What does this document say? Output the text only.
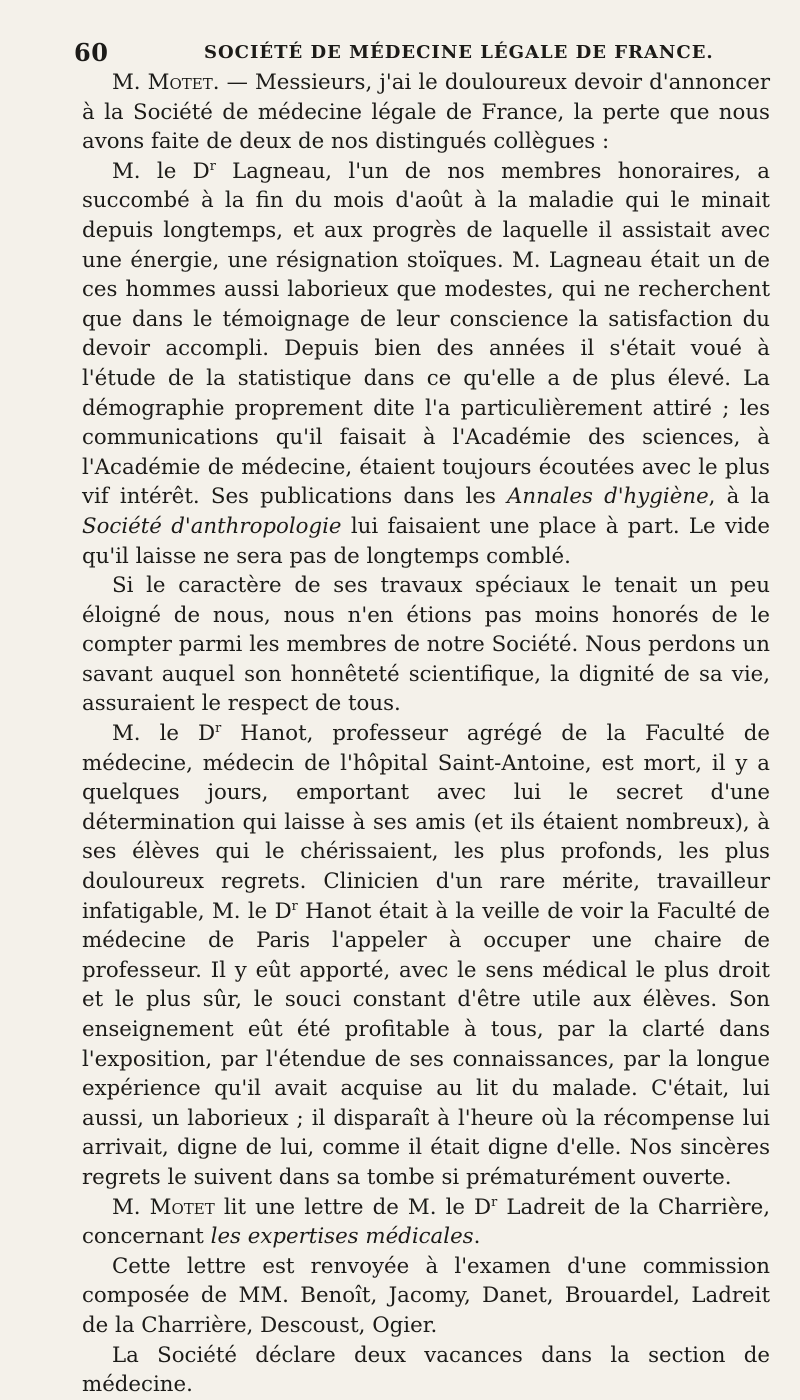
60	SOCIÉTÉ DE MÉDECINE LÉGALE DE FRANCE.

M. Motet. — Messieurs, j'ai le douloureux devoir d'annoncer à la Société de médecine légale de France, la perte que nous avons faite de deux de nos distingués collègues :

M. le $D^r$ Lagneau, l'un de nos membres honoraires, a succombé à la fin du mois d'août à la maladie qui le minait depuis longtemps, et aux progrès de laquelle il assistait avec une énergie, une résignation stoïques. M. Lagneau était un de ces hommes aussi laborieux que modestes, qui ne recherchent que dans le témoignage de leur conscience la satisfaction du devoir accompli. Depuis bien des années il s'était voué à l'étude de la statistique dans ce qu'elle a de plus élevé. La démographie proprement dite l'a particulièrement attiré ; les communications qu'il faisait à l'Académie des sciences, à l'Académie de médecine, étaient toujours écoutées avec le plus vif intérêt. Ses publications dans les Annales d'hygiène, à la Société d'anthropologie lui faisaient une place à part. Le vide qu'il laisse ne sera pas de longtemps comblé.

Si le caractère de ses travaux spéciaux le tenait un peu éloigné de nous, nous n'en étions pas moins honorés de le compter parmi les membres de notre Société. Nous perdons un savant auquel son honnêteté scientifique, la dignité de sa vie, assuraient le respect de tous.

M. le $D^r$ Hanot, professeur agrégé de la Faculté de médecine, médecin de l'hôpital Saint-Antoine, est mort, il y a quelques jours, emportant avec lui le secret d'une détermination qui laisse à ses amis (et ils étaient nombreux), à ses élèves qui le chérissaient, les plus profonds, les plus douloureux regrets. Clinicien d'un rare mérite, travailleur infatigable, M. le $D^r$ Hanot était à la veille de voir la Faculté de médecine de Paris l'appeler à occuper une chaire de professeur. Il y eût apporté, avec le sens médical le plus droit et le plus sûr, le souci constant d'être utile aux élèves. Son enseignement eût été profitable à tous, par la clarté dans l'exposition, par l'étendue de ses connaissances, par la longue expérience qu'il avait acquise au lit du malade. C'était, lui aussi, un laborieux ; il disparaît à l'heure où la récompense lui arrivait, digne de lui, comme il était digne d'elle. Nos sincères regrets le suivent dans sa tombe si prématurément ouverte.

M. Motet lit une lettre de M. le $D^r$ Ladreit de la Charrière, concernant les expertises médicales.

Cette lettre est renvoyée à l'examen d'une commission composée de MM. Benoît, Jacomy, Danet, Brouardel, Ladreit de la Charrière, Descoust, Ogier.

La Société déclare deux vacances dans la section de médecine.
